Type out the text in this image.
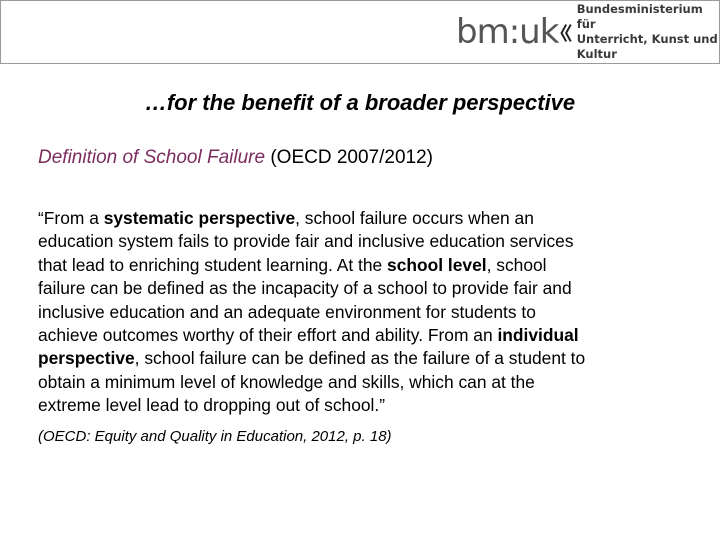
bm:uk
Bundesministerium für
Unterricht, Kunst und Kultur
…for the benefit of a broader perspective
Definition of School Failure (OECD 2007/2012)
“From a systematic perspective, school failure occurs when an
education system fails to provide fair and inclusive education services
that lead to enriching student learning. At the school level, school
failure can be defined as the incapacity of a school to provide fair and
inclusive education and an adequate environment for students to
achieve outcomes worthy of their effort and ability. From an individual
perspective, school failure can be defined as the failure of a student to
obtain a minimum level of knowledge and skills, which can at the
extreme level lead to dropping out of school.”
(OECD: Equity and Quality in Education, 2012, p. 18)
